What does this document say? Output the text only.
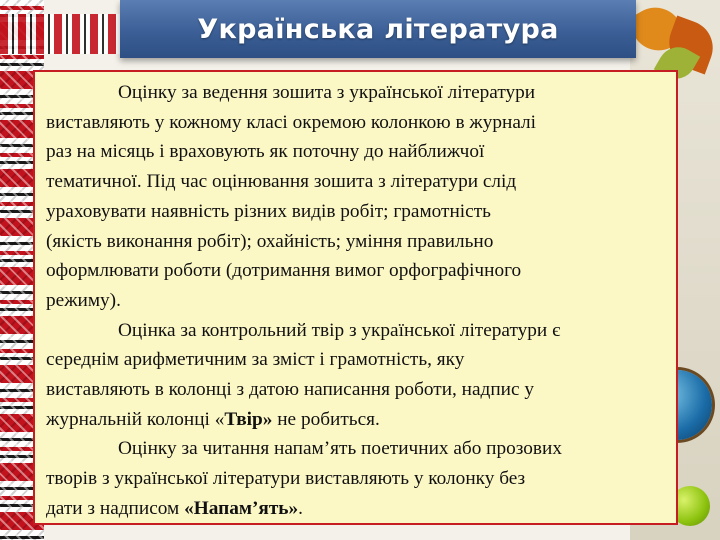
Українська література

Оцінку за ведення зошита з української літератури
виставляють у кожному класі окремою колонкою в журналі
раз на місяць і враховують як поточну до найближчої
тематичної. Під час оцінювання зошита з літератури слід
ураховувати наявність різних видів робіт; грамотність
(якість виконання робіт); охайність; уміння правильно
оформлювати роботи (дотримання вимог орфографічного
режиму).

Оцінка за контрольний твір з української літератури є
середнім арифметичним за зміст і грамотність, яку
виставляють в колонці з датою написання роботи, надпис у
журнальній колонці «Твір» не робиться.

Оцінку за читання напам’ять поетичних або прозових
творів з української літератури виставляють у колонку без
дати з надписом «Напам’ять».
